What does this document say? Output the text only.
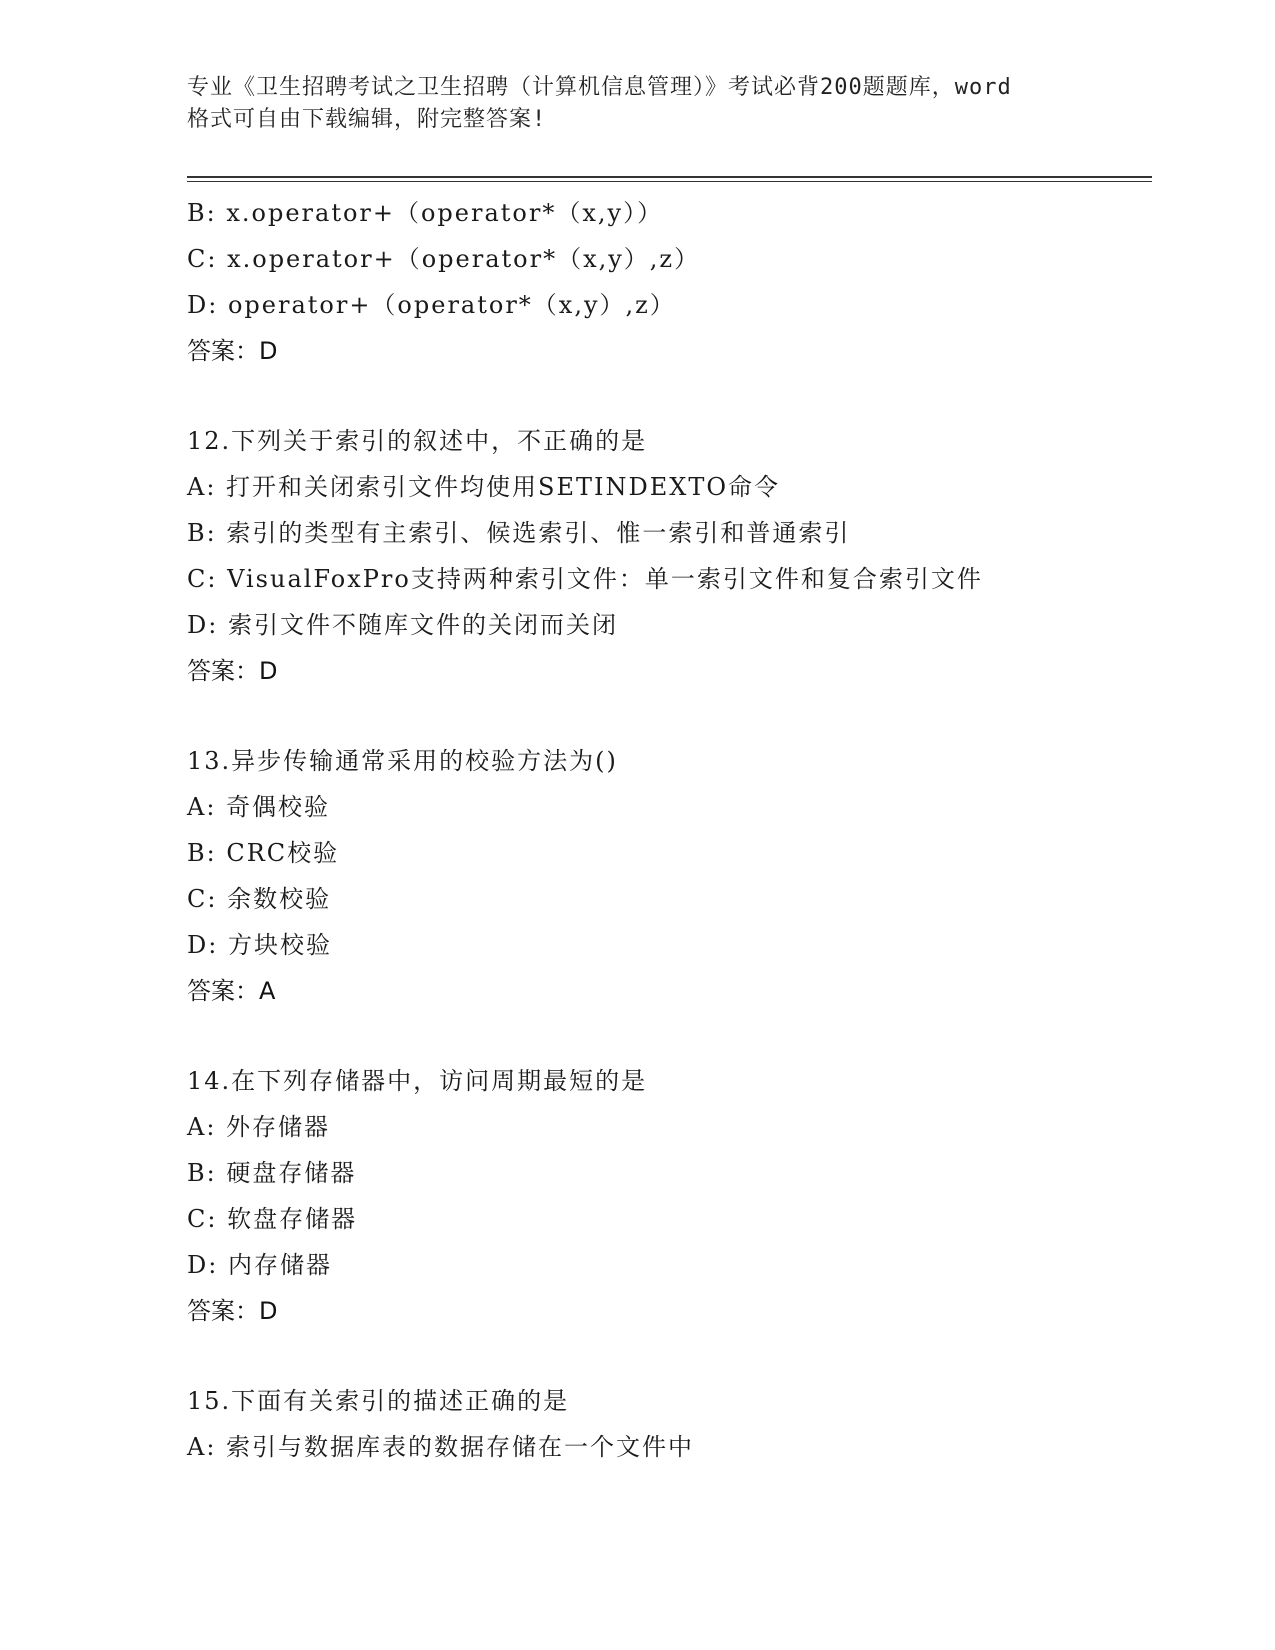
专业《卫生招聘考试之卫生招聘（计算机信息管理）》考试必背200题题库，word
格式可自由下载编辑，附完整答案!
B: x.operator+（operator*（x,y））
C: x.operator+（operator*（x,y）,z）
D: operator+（operator*（x,y）,z）
答案：D
12.下列关于索引的叙述中，不正确的是
A: 打开和关闭索引文件均使用SETINDEXTO命令
B: 索引的类型有主索引、候选索引、惟一索引和普通索引
C: VisualFoxPro支持两种索引文件：单一索引文件和复合索引文件
D: 索引文件不随库文件的关闭而关闭
答案：D
13.异步传输通常采用的校验方法为()
A: 奇偶校验
B: CRC校验
C: 余数校验
D: 方块校验
答案：A
14.在下列存储器中，访问周期最短的是
A: 外存储器
B: 硬盘存储器
C: 软盘存储器
D: 内存储器
答案：D
15.下面有关索引的描述正确的是
A: 索引与数据库表的数据存储在一个文件中
